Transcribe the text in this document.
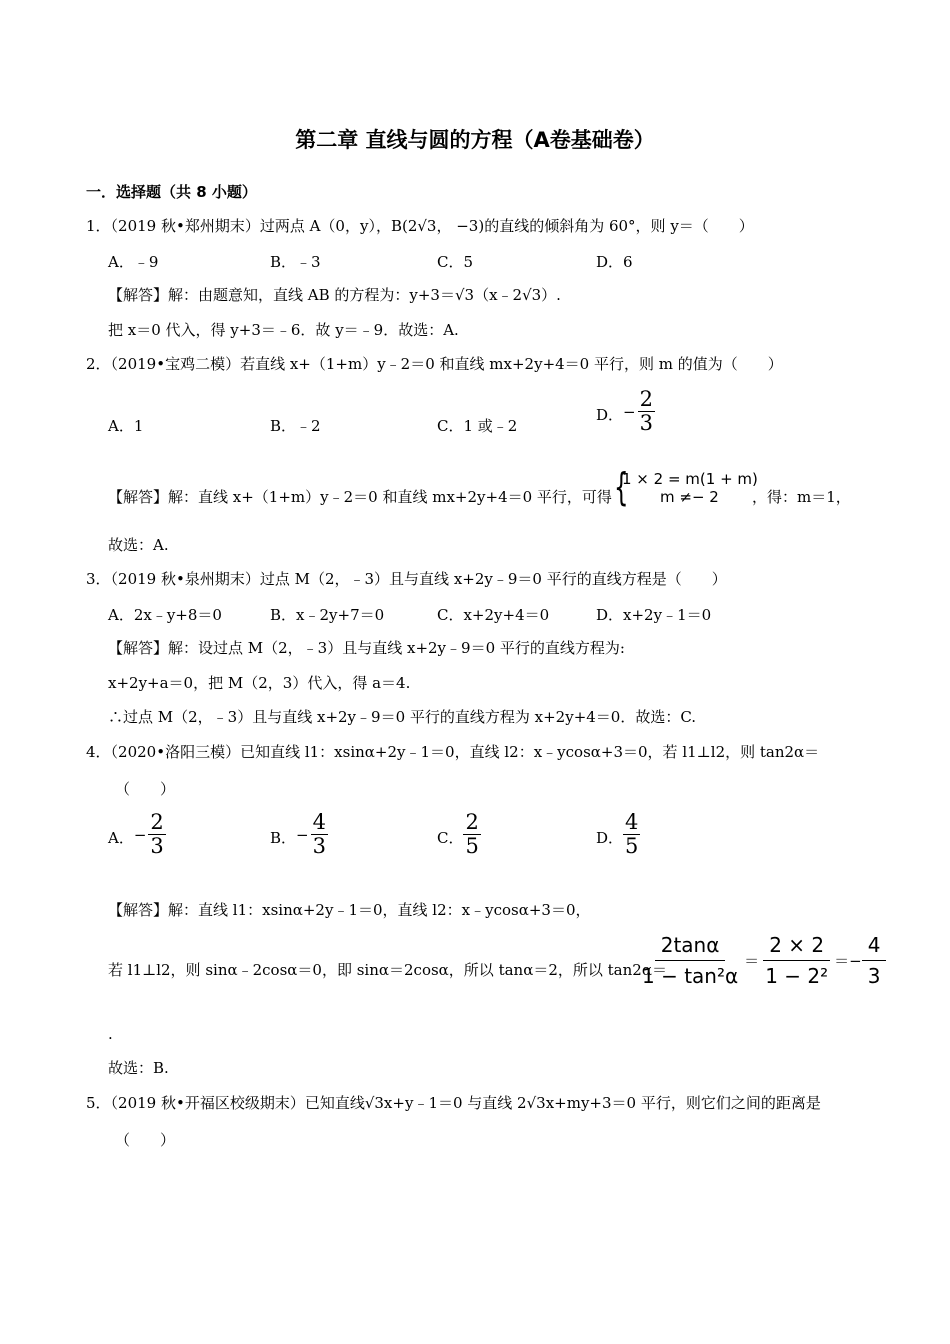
第二章 直线与圆的方程（A卷基础卷）
一．选择题（共 8 小题）
1．（2019 秋•郑州期末）过两点 A（0，y），B(2√3， −3)的直线的倾斜角为 60°，则 y＝（　　）
A．﹣9	B．﹣3	C．5	D．6
【解答】解：由题意知，直线 AB 的方程为：y+3＝√3（x﹣2√3）.
把 x＝0 代入，得 y+3＝﹣6．故 y＝﹣9．故选：A.
2．（2019•宝鸡二模）若直线 x+（1+m）y﹣2＝0 和直线 mx+2y+4＝0 平行，则 m 的值为（　　）
A．1	B．﹣2	C．1 或﹣2
D．− $\frac{2}{3}$
【解答】解：直线 x+（1+m）y﹣2＝0 和直线 mx+2y+4＝0 平行，可得 {
1 × 2 = m(1 + m)
m ≠− 2 ，得：m＝1，
故选：A.
3．（2019 秋•泉州期末）过点 M（2，﹣3）且与直线 x+2y﹣9＝0 平行的直线方程是（　　）
A．2x﹣y+8＝0	B．x﹣2y+7＝0	C．x+2y+4＝0	D．x+2y﹣1＝0
【解答】解：设过点 M（2，﹣3）且与直线 x+2y﹣9＝0 平行的直线方程为:
x+2y+a＝0，把 M（2，3）代入，得 a＝4.
∴过点 M（2，﹣3）且与直线 x+2y﹣9＝0 平行的直线方程为 x+2y+4＝0．故选：C.
4．（2020•洛阳三模）已知直线 l1：xsinα+2y﹣1＝0，直线 l2：x﹣ycosα+3＝0，若 l1⊥l2，则 tan2α＝
（　　）
A．− $\frac{2}{3}$	B．− $\frac{4}{3}$	C． $\frac{2}{5}$	D． $\frac{4}{5}$
【解答】解：直线 l1：xsinα+2y﹣1＝0，直线 l2：x﹣ycosα+3＝0，
若 l1⊥l2，则 sinα﹣2cosα＝0，即 sinα＝2cosα，所以 tanα＝2，所以 tan2α＝
$\frac{2\tan\alpha}{\text{1 − tan²α}} = \frac{2 \times 2}{\text{1 − 2²}} =- \frac{4}{3}$
.
故选：B.
5．（2019 秋•开福区校级期末）已知直线√3x+y﹣1＝0 与直线 2√3x+my+3＝0 平行，则它们之间的距离是
（　　）
